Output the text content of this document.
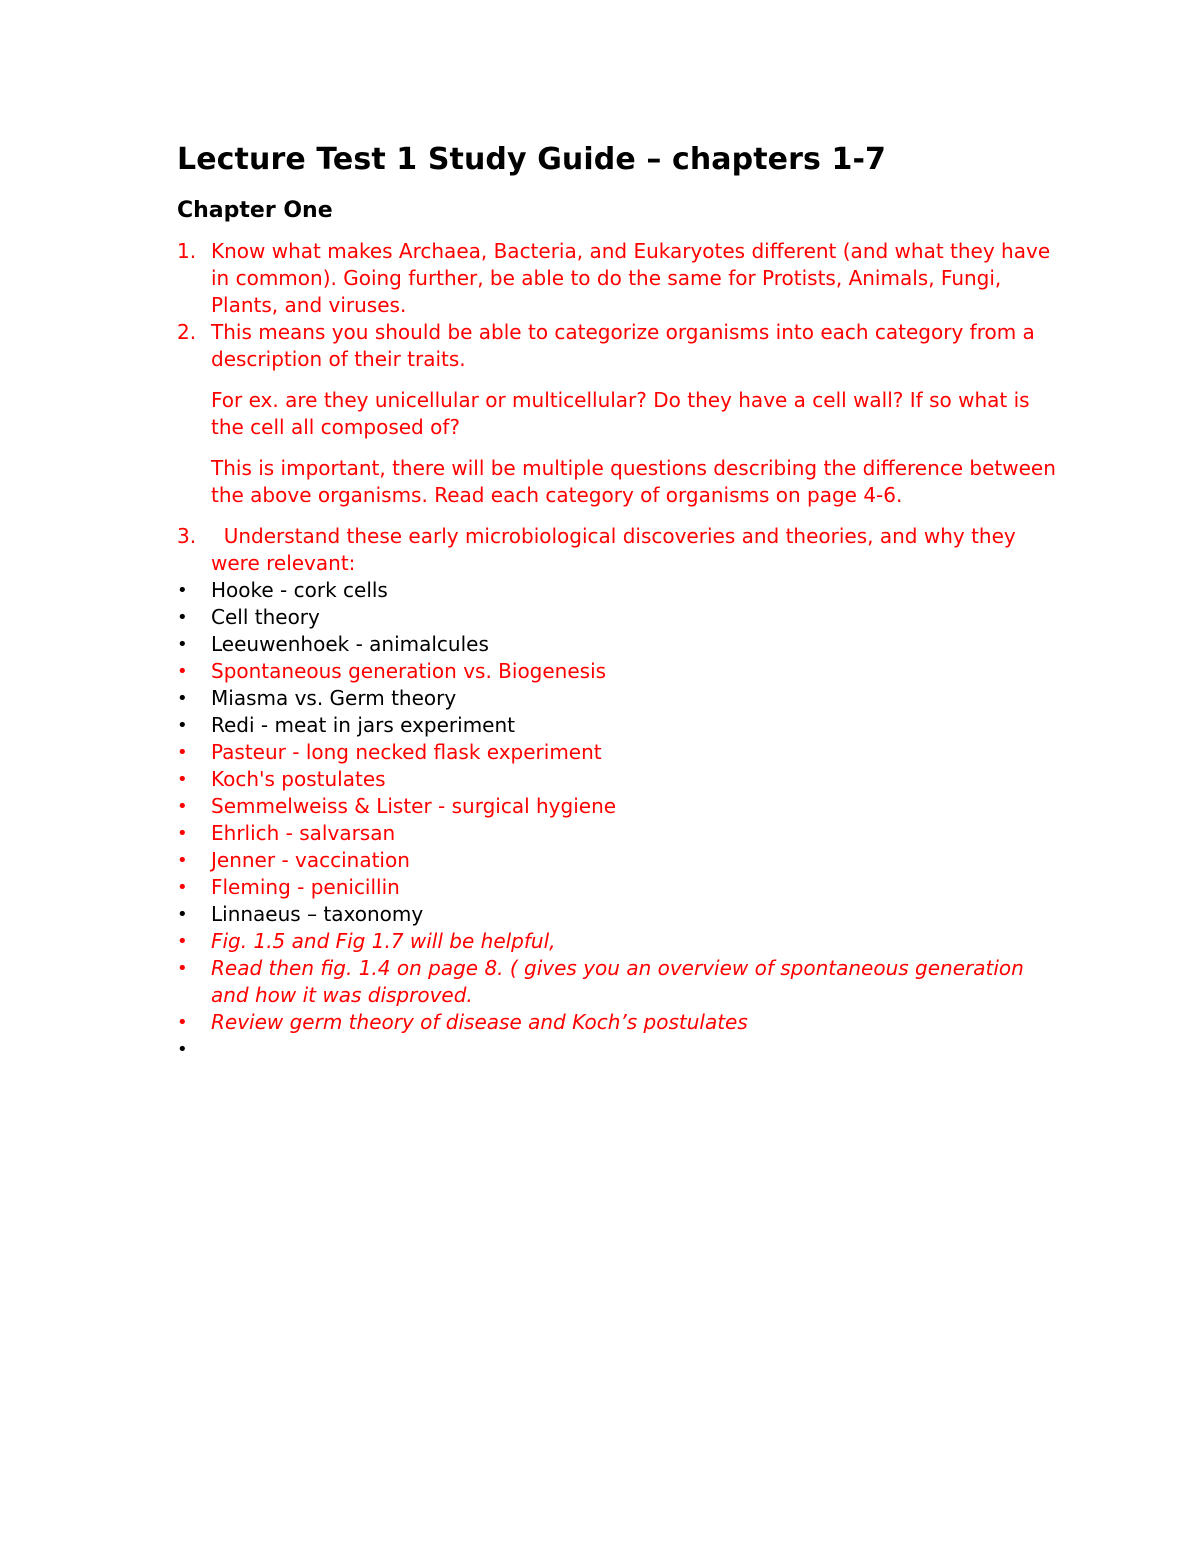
Lecture Test 1 Study Guide – chapters 1-7
Chapter One
1. Know what makes Archaea, Bacteria, and Eukaryotes different (and what they have in common). Going further, be able to do the same for Protists, Animals, Fungi, Plants, and viruses.
2. This means you should be able to categorize organisms into each category from a description of their traits.

For ex. are they unicellular or multicellular? Do they have a cell wall? If so what is the cell all composed of?

This is important, there will be multiple questions describing the difference between the above organisms. Read each category of organisms on page 4-6.

3. Understand these early microbiological discoveries and theories, and why they were relevant:
•	Hooke - cork cells
•	Cell theory
•	Leeuwenhoek - animalcules
•	Spontaneous generation vs. Biogenesis
•	Miasma vs. Germ theory
•	Redi - meat in jars experiment
•	Pasteur - long necked flask experiment
•	Koch's postulates
•	Semmelweiss & Lister - surgical hygiene
•	Ehrlich - salvarsan
•	Jenner - vaccination
•	Fleming - penicillin
•	Linnaeus – taxonomy
•	Fig. 1.5 and Fig 1.7 will be helpful,
•	Read then fig. 1.4 on page 8. ( gives you an overview of spontaneous generation and how it was disproved.
•	Review germ theory of disease and Koch’s postulates
•
